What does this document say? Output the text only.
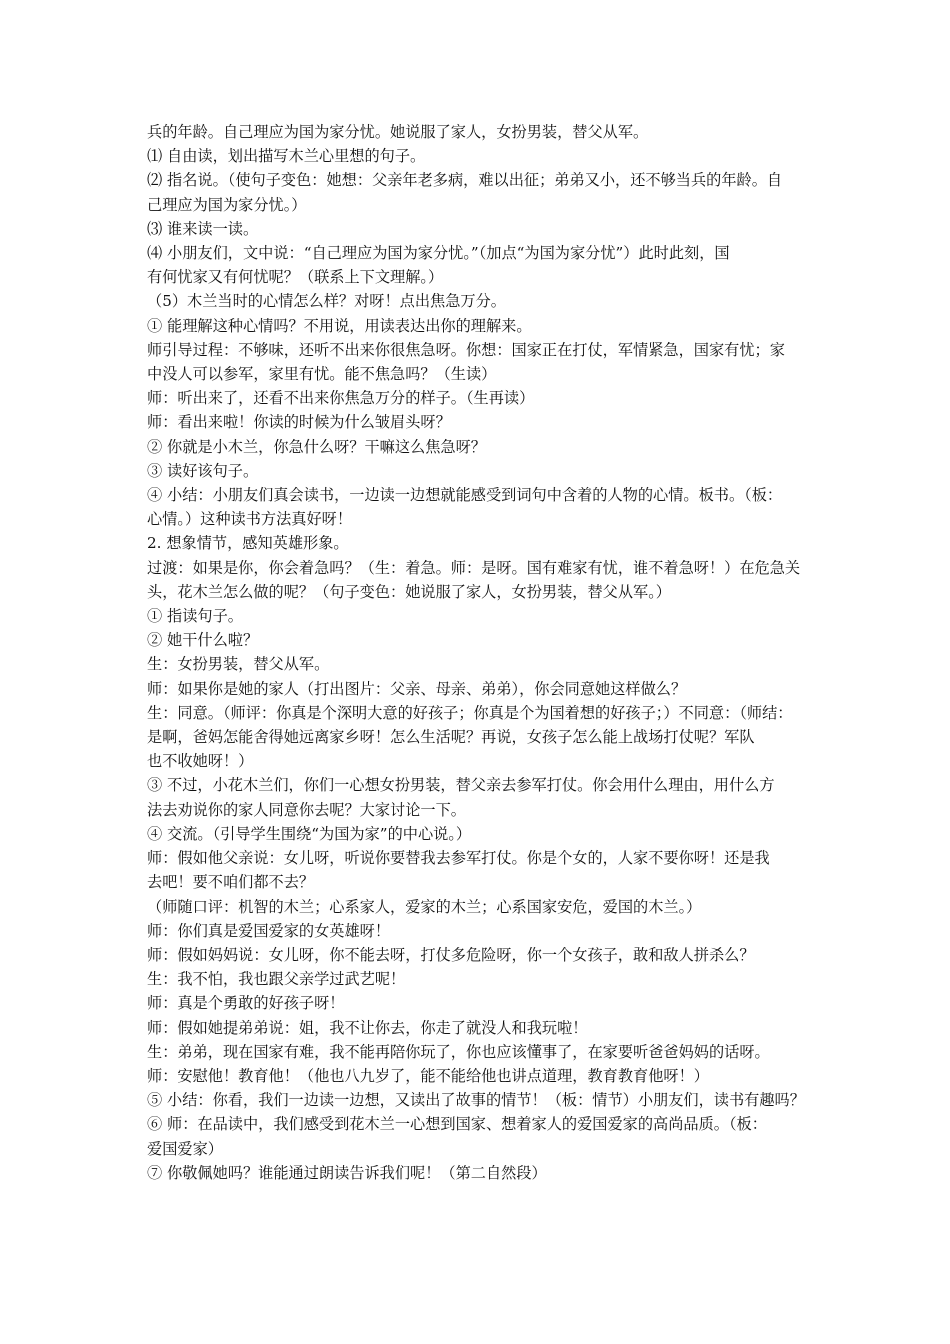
兵的年龄。自己理应为国为家分忧。她说服了家人，女扮男装，替父从军。
⑴ 自由读，划出描写木兰心里想的句子。
⑵ 指名说。（使句子变色：她想：父亲年老多病，难以出征；弟弟又小，还不够当兵的年龄。自
己理应为国为家分忧。）
⑶ 谁来读一读。
⑷ 小朋友们，文中说：“自己理应为国为家分忧。”（加点“为国为家分忧”）此时此刻，国
有何忧家又有何忧呢？（联系上下文理解。）
（5）木兰当时的心情怎么样？对呀！点出焦急万分。
① 能理解这种心情吗？不用说，用读表达出你的理解来。
师引导过程：不够味，还听不出来你很焦急呀。你想：国家正在打仗，军情紧急，国家有忧；家
中没人可以参军，家里有忧。能不焦急吗？（生读）
师：听出来了，还看不出来你焦急万分的样子。（生再读）
师：看出来啦！你读的时候为什么皱眉头呀？
② 你就是小木兰，你急什么呀？干嘛这么焦急呀？
③ 读好该句子。
④ 小结：小朋友们真会读书，一边读一边想就能感受到词句中含着的人物的心情。板书。（板：
心情。）这种读书方法真好呀！
2. 想象情节，感知英雄形象。
过渡：如果是你，你会着急吗？（生：着急。师：是呀。国有难家有忧，谁不着急呀！）在危急关
头，花木兰怎么做的呢？（句子变色：她说服了家人，女扮男装，替父从军。）
① 指读句子。
② 她干什么啦？
生：女扮男装，替父从军。
师：如果你是她的家人（打出图片：父亲、母亲、弟弟），你会同意她这样做么？
生：同意。（师评：你真是个深明大意的好孩子；你真是个为国着想的好孩子；）不同意：（师结：
是啊，爸妈怎能舍得她远离家乡呀！怎么生活呢？再说，女孩子怎么能上战场打仗呢？军队
也不收她呀！）
③ 不过，小花木兰们，你们一心想女扮男装，替父亲去参军打仗。你会用什么理由，用什么方
法去劝说你的家人同意你去呢？大家讨论一下。
④ 交流。（引导学生围绕“为国为家”的中心说。）
师：假如他父亲说：女儿呀，听说你要替我去参军打仗。你是个女的，人家不要你呀！还是我
去吧！要不咱们都不去？
（师随口评：机智的木兰；心系家人，爱家的木兰；心系国家安危，爱国的木兰。）
师：你们真是爱国爱家的女英雄呀！
师：假如妈妈说：女儿呀，你不能去呀，打仗多危险呀，你一个女孩子，敢和敌人拼杀么？
生：我不怕，我也跟父亲学过武艺呢！
师：真是个勇敢的好孩子呀！
师：假如她提弟弟说：姐，我不让你去，你走了就没人和我玩啦！
生：弟弟，现在国家有难，我不能再陪你玩了，你也应该懂事了，在家要听爸爸妈妈的话呀。
师：安慰他！教育他！（他也八九岁了，能不能给他也讲点道理，教育教育他呀！）
⑤ 小结：你看，我们一边读一边想，又读出了故事的情节！（板：情节）小朋友们，读书有趣吗？
⑥ 师：在品读中，我们感受到花木兰一心想到国家、想着家人的爱国爱家的高尚品质。（板：
爱国爱家）
⑦ 你敬佩她吗？谁能通过朗读告诉我们呢！（第二自然段）
